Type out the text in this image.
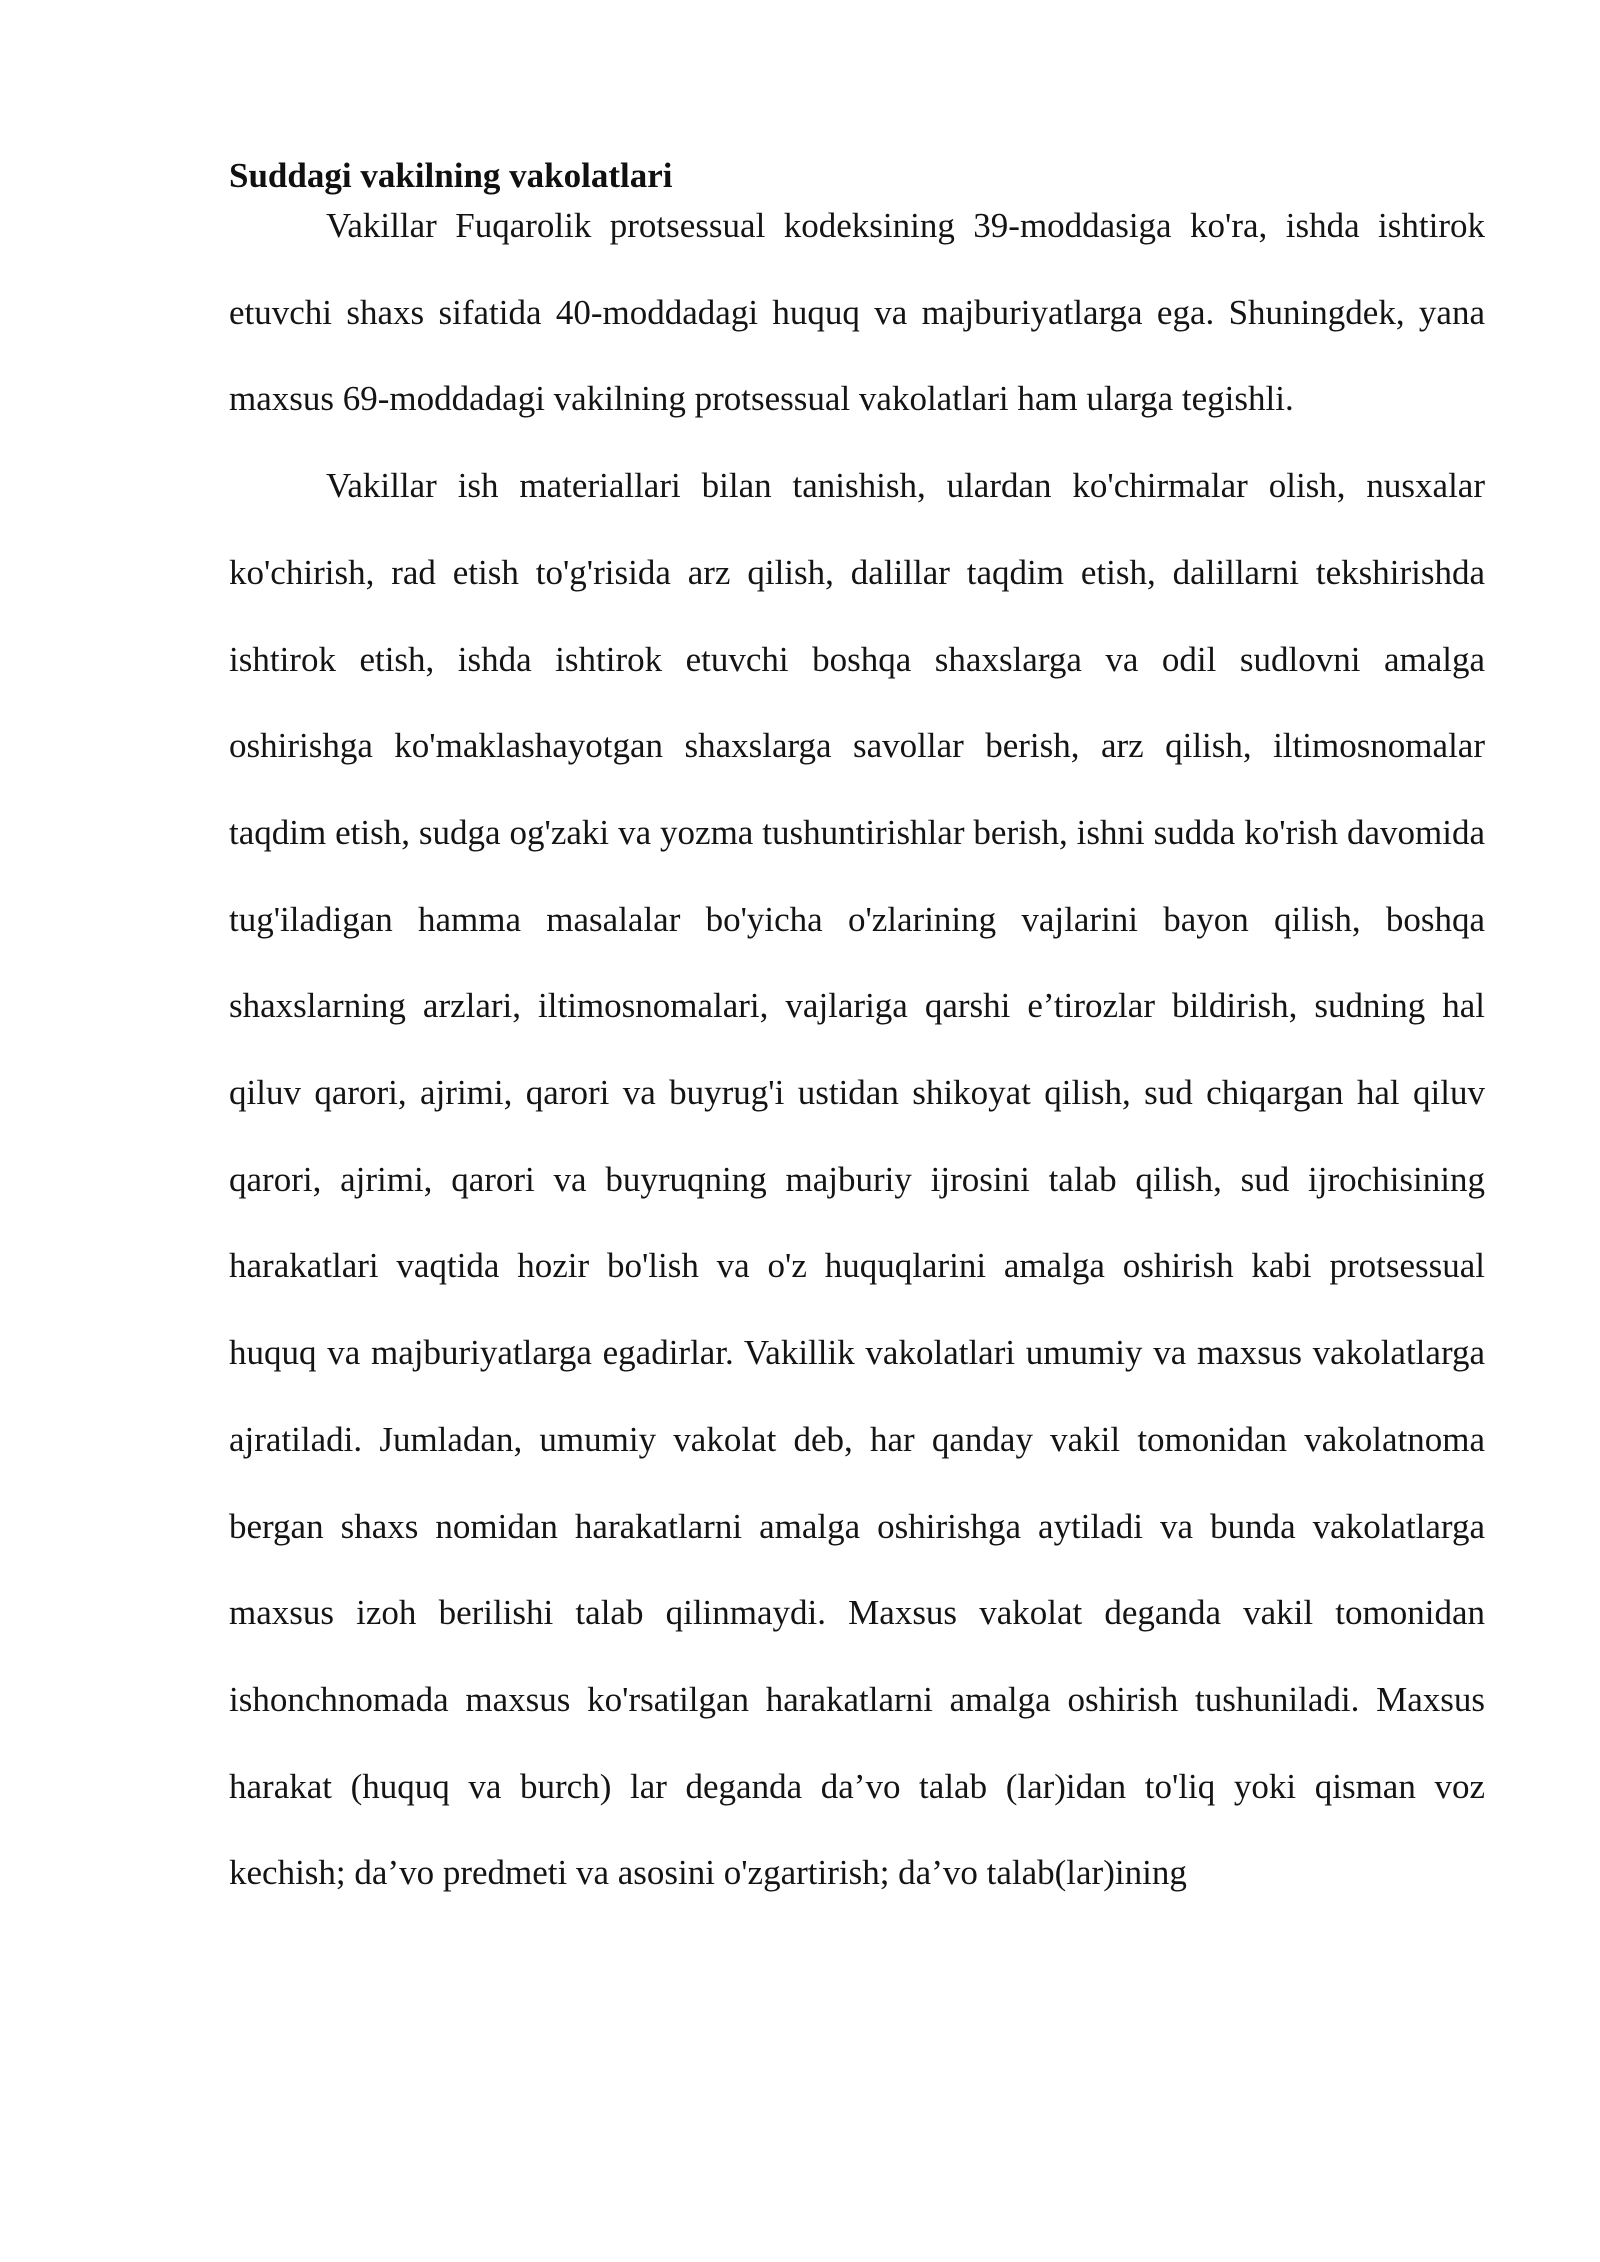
Suddagi vakilning vakolatlari

Vakillar Fuqarolik protsessual kodeksining 39-moddasiga ko'ra, ishda ishtirok etuvchi shaxs sifatida 40-moddadagi huquq va majburiyatlarga ega. Shuningdek, yana maxsus 69-moddadagi vakilning protsessual vakolatlari ham ularga tegishli.

Vakillar ish materiallari bilan tanishish, ulardan ko'chirmalar olish, nusxalar ko'chirish, rad etish to'g'risida arz qilish, dalillar taqdim etish, dalillarni tekshirishda ishtirok etish, ishda ishtirok etuvchi boshqa shaxslarga va odil sudlovni amalga oshirishga ko'maklashayotgan shaxslarga savollar berish, arz qilish, iltimosnomalar taqdim etish, sudga og'zaki va yozma tushuntirishlar berish, ishni sudda ko'rish davomida tug'iladigan hamma masalalar bo'yicha o'zlarining vajlarini bayon qilish, boshqa shaxslarning arzlari, iltimosnomalari, vajlariga qarshi e’tirozlar bildirish, sudning hal qiluv qarori, ajrimi, qarori va buyrug'i ustidan shikoyat qilish, sud chiqargan hal qiluv qarori, ajrimi, qarori va buyruqning majburiy ijrosini talab qilish, sud ijrochisining harakatlari vaqtida hozir bo'lish va o'z huquqlarini amalga oshirish kabi protsessual huquq va majburiyatlarga egadirlar. Vakillik vakolatlari umumiy va maxsus vakolatlarga ajratiladi. Jumladan, umumiy vakolat deb, har qanday vakil tomonidan vakolatnoma bergan shaxs nomidan harakatlarni amalga oshirishga aytiladi va bunda vakolatlarga maxsus izoh berilishi talab qilinmaydi. Maxsus vakolat deganda vakil tomonidan ishonchnomada maxsus ko'rsatilgan harakatlarni amalga oshirish tushuniladi. Maxsus harakat (huquq va burch) lar deganda da’vo talab (lar)idan to'liq yoki qisman voz kechish; da’vo predmeti va asosini o'zgartirish; da’vo talab(lar)ining
